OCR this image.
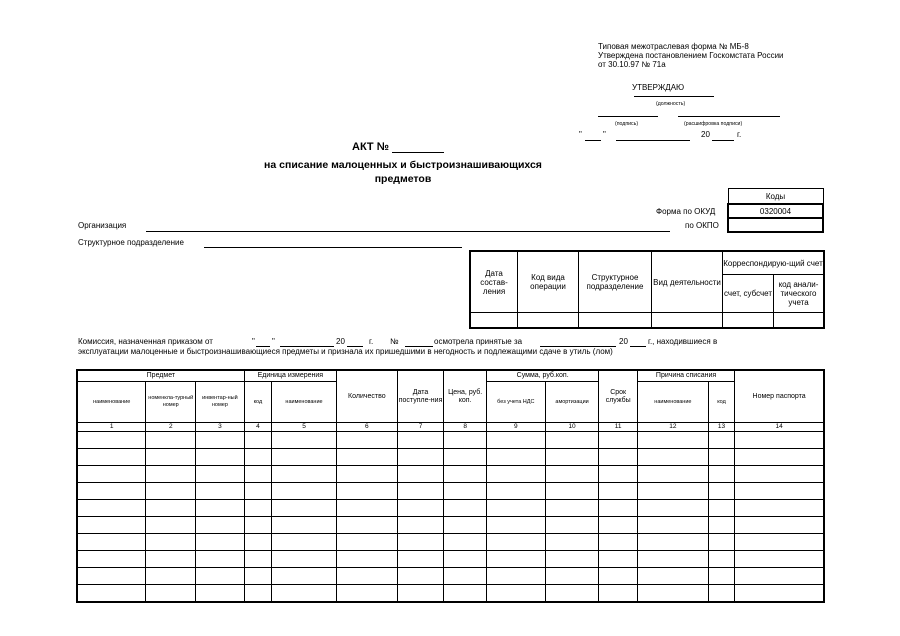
Типовая межотраслевая форма № МБ-8
Утверждена постановлением Госкомстата России
от 30.10.97 № 71а
УТВЕРЖДАЮ
(должность)
(подпись)	(расшифровка подписи)
"	"	20	г.
АКТ №
на списание малоценных и быстроизнашивающихся
предметов
Форма по ОКУД
по ОКПО
Коды
0320004

Организация
Структурное подразделение
Дата состав-ления	Код вида операции	Структурное подразделение	Вид деятельности	Корреспондирую-щий счет	
				счет, субсчет	код анали-тического учета

Комиссия, назначенная приказом от	" "	20	г. №	осмотрела принятые за	20	г., находившиеся в
эксплуатации малоценные и быстроизнашивающиеся предметы и признала их пришедшими в негодность и подлежащими сдаче в утиль (лом)
Предмет			Единица измерения		Количество	Дата поступле-ния	Цена, руб. коп.	Сумма, руб.коп.		Срок службы	Причина списания		Номер паспорта
наименование	номенкла-турный номер	инвентар-ный номер	код	наименование				без учета НДС	амортизации		наименование	код	
1	2	3	4	5	6	7	8	9	10	11	12	13	14
